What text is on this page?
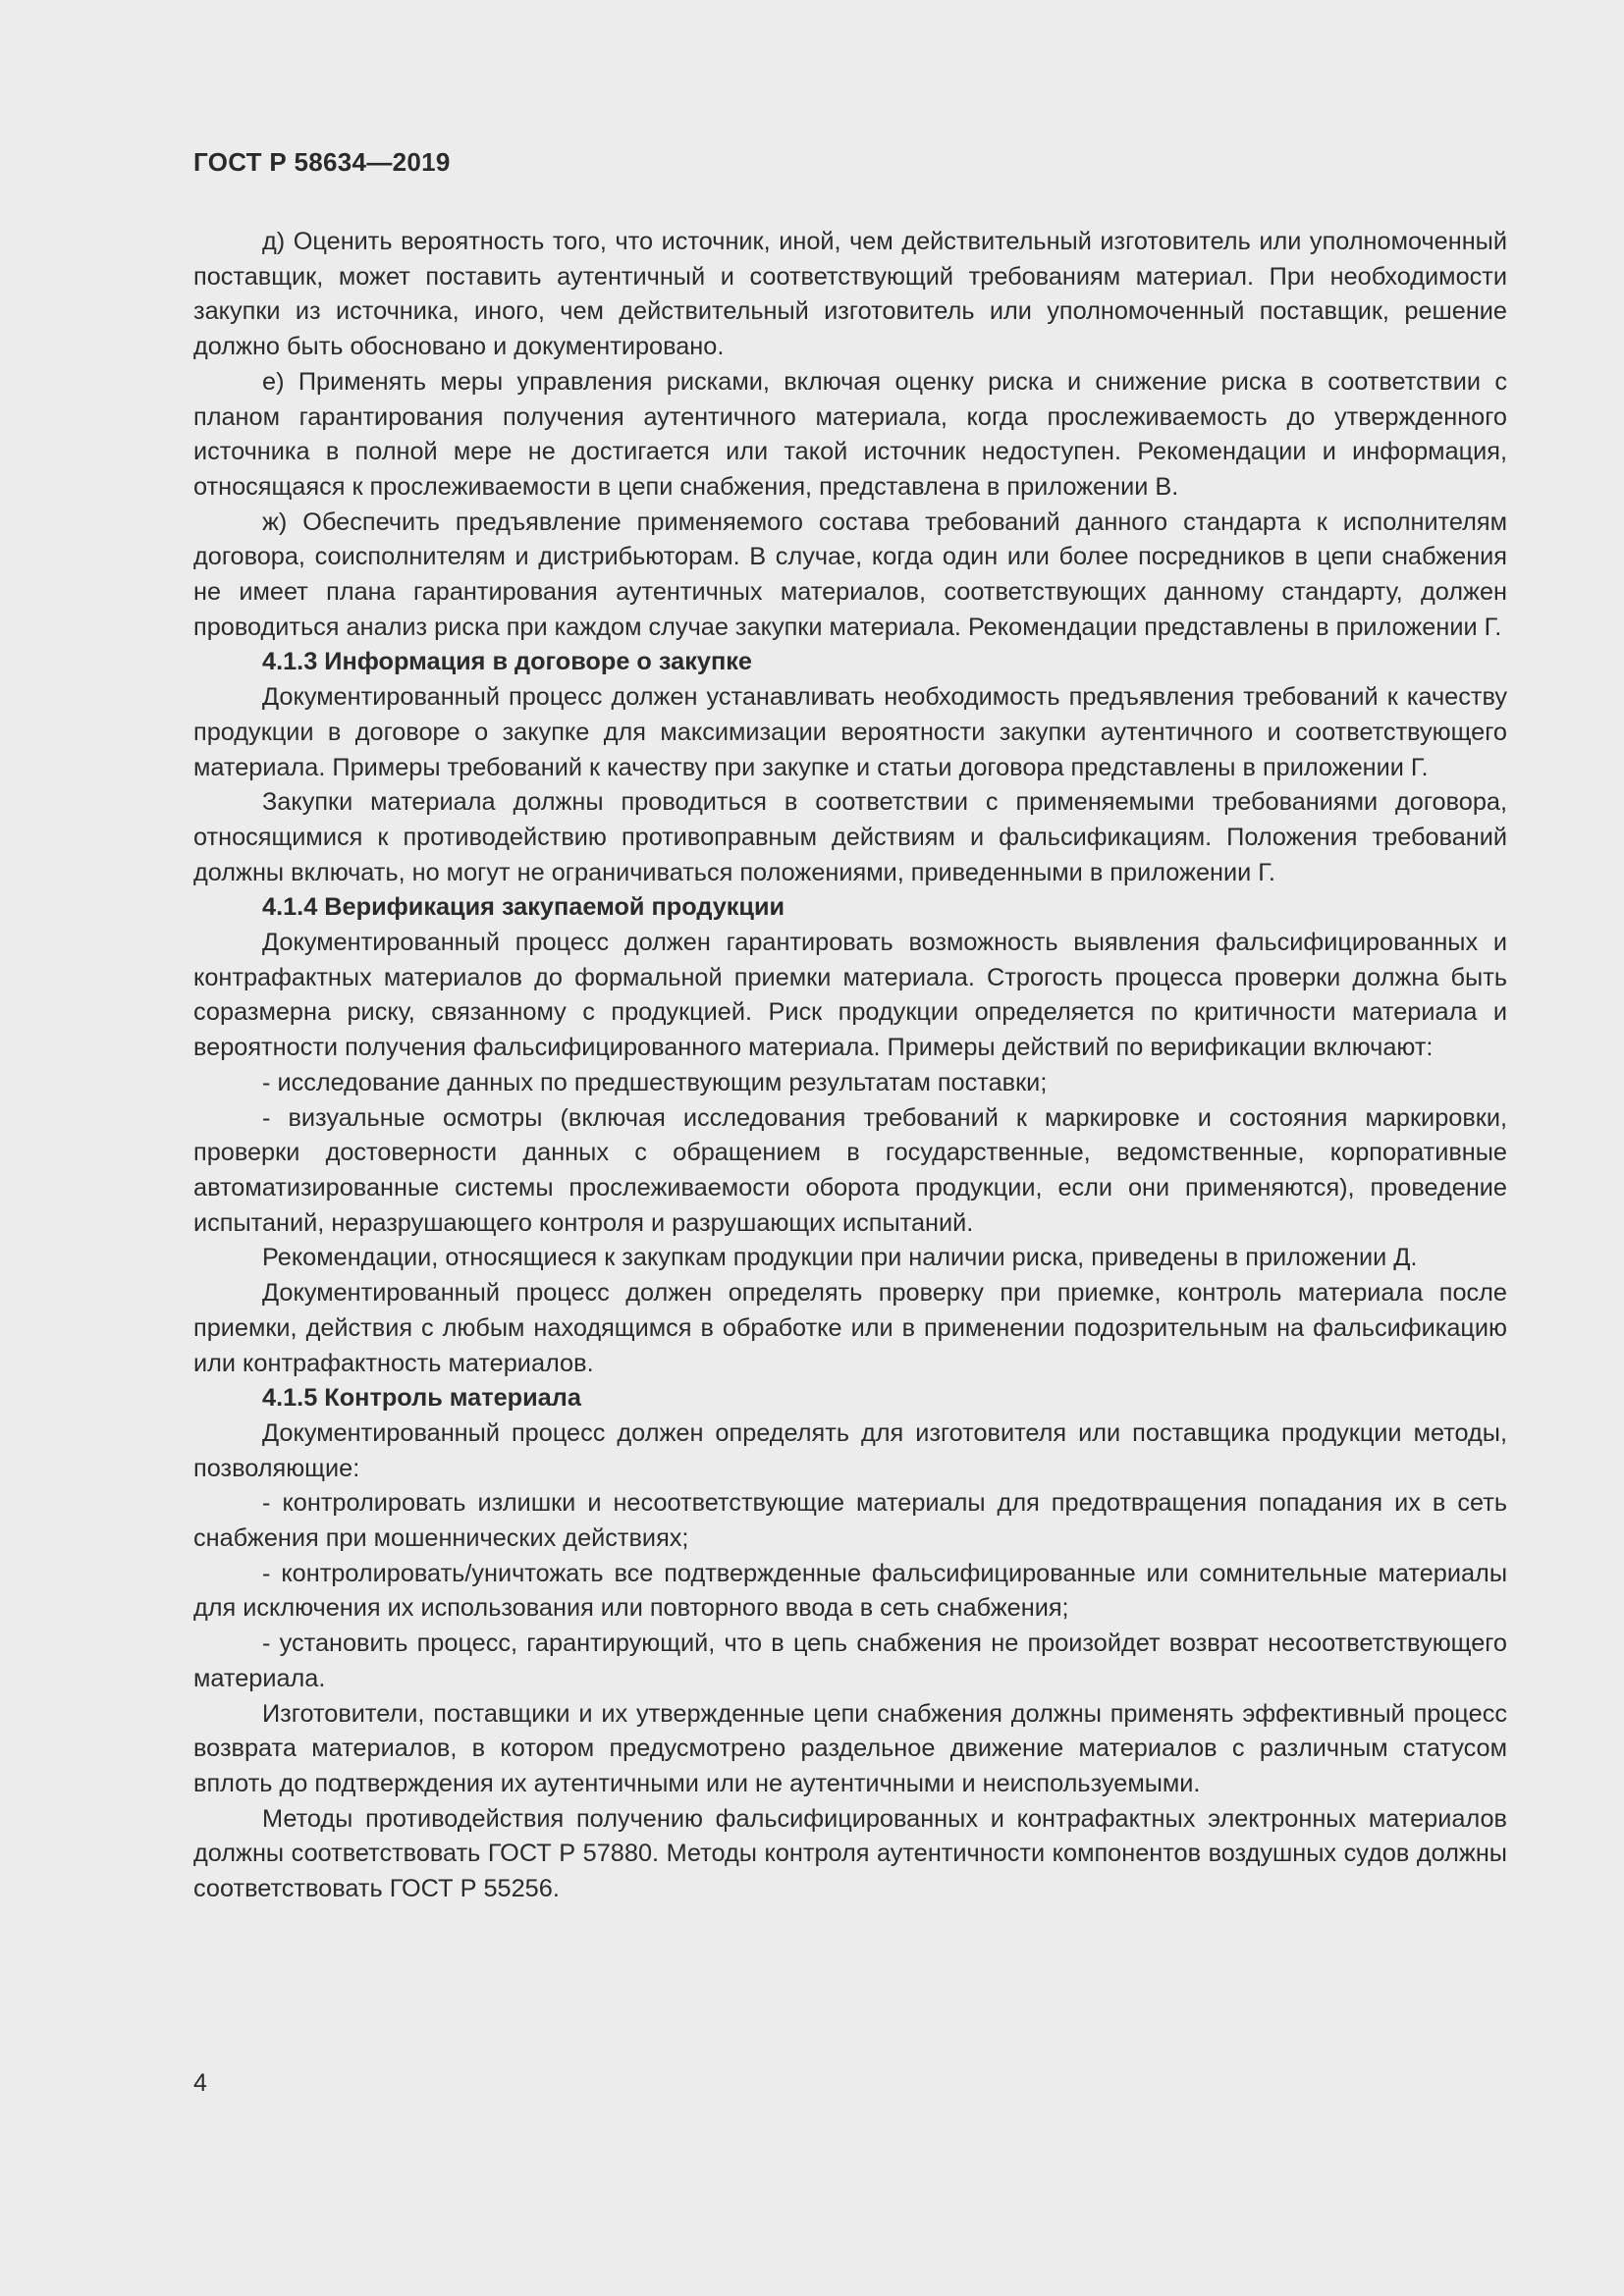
ГОСТ Р 58634—2019

д) Оценить вероятность того, что источник, иной, чем действительный изготовитель или уполномоченный поставщик, может поставить аутентичный и соответствующий требованиям материал. При необходимости закупки из источника, иного, чем действительный изготовитель или уполномоченный поставщик, решение должно быть обосновано и документировано.

е) Применять меры управления рисками, включая оценку риска и снижение риска в соответствии с планом гарантирования получения аутентичного материала, когда прослеживаемость до утвержденного источника в полной мере не достигается или такой источник недоступен. Рекомендации и информация, относящаяся к прослеживаемости в цепи снабжения, представлена в приложении В.

ж) Обеспечить предъявление применяемого состава требований данного стандарта к исполнителям договора, соисполнителям и дистрибьюторам. В случае, когда один или более посредников в цепи снабжения не имеет плана гарантирования аутентичных материалов, соответствующих данному стандарту, должен проводиться анализ риска при каждом случае закупки материала. Рекомендации представлены в приложении Г.

4.1.3 Информация в договоре о закупке

Документированный процесс должен устанавливать необходимость предъявления требований к качеству продукции в договоре о закупке для максимизации вероятности закупки аутентичного и соответствующего материала. Примеры требований к качеству при закупке и статьи договора представлены в приложении Г.

Закупки материала должны проводиться в соответствии с применяемыми требованиями договора, относящимися к противодействию противоправным действиям и фальсификациям. Положения требований должны включать, но могут не ограничиваться положениями, приведенными в приложении Г.

4.1.4 Верификация закупаемой продукции

Документированный процесс должен гарантировать возможность выявления фальсифицированных и контрафактных материалов до формальной приемки материала. Строгость процесса проверки должна быть соразмерна риску, связанному с продукцией. Риск продукции определяется по критичности материала и вероятности получения фальсифицированного материала. Примеры действий по верификации включают:

- исследование данных по предшествующим результатам поставки;

- визуальные осмотры (включая исследования требований к маркировке и состояния маркировки, проверки достоверности данных с обращением в государственные, ведомственные, корпоративные автоматизированные системы прослеживаемости оборота продукции, если они применяются), проведение испытаний, неразрушающего контроля и разрушающих испытаний.

Рекомендации, относящиеся к закупкам продукции при наличии риска, приведены в приложении Д.

Документированный процесс должен определять проверку при приемке, контроль материала после приемки, действия с любым находящимся в обработке или в применении подозрительным на фальсификацию или контрафактность материалов.

4.1.5 Контроль материала

Документированный процесс должен определять для изготовителя или поставщика продукции методы, позволяющие:

- контролировать излишки и несоответствующие материалы для предотвращения попадания их в сеть снабжения при мошеннических действиях;

- контролировать/уничтожать все подтвержденные фальсифицированные или сомнительные материалы для исключения их использования или повторного ввода в сеть снабжения;

- установить процесс, гарантирующий, что в цепь снабжения не произойдет возврат несоответствующего материала.

Изготовители, поставщики и их утвержденные цепи снабжения должны применять эффективный процесс возврата материалов, в котором предусмотрено раздельное движение материалов с различным статусом вплоть до подтверждения их аутентичными или не аутентичными и неиспользуемыми.

Методы противодействия получению фальсифицированных и контрафактных электронных материалов должны соответствовать ГОСТ Р 57880. Методы контроля аутентичности компонентов воздушных судов должны соответствовать ГОСТ Р 55256.

4
